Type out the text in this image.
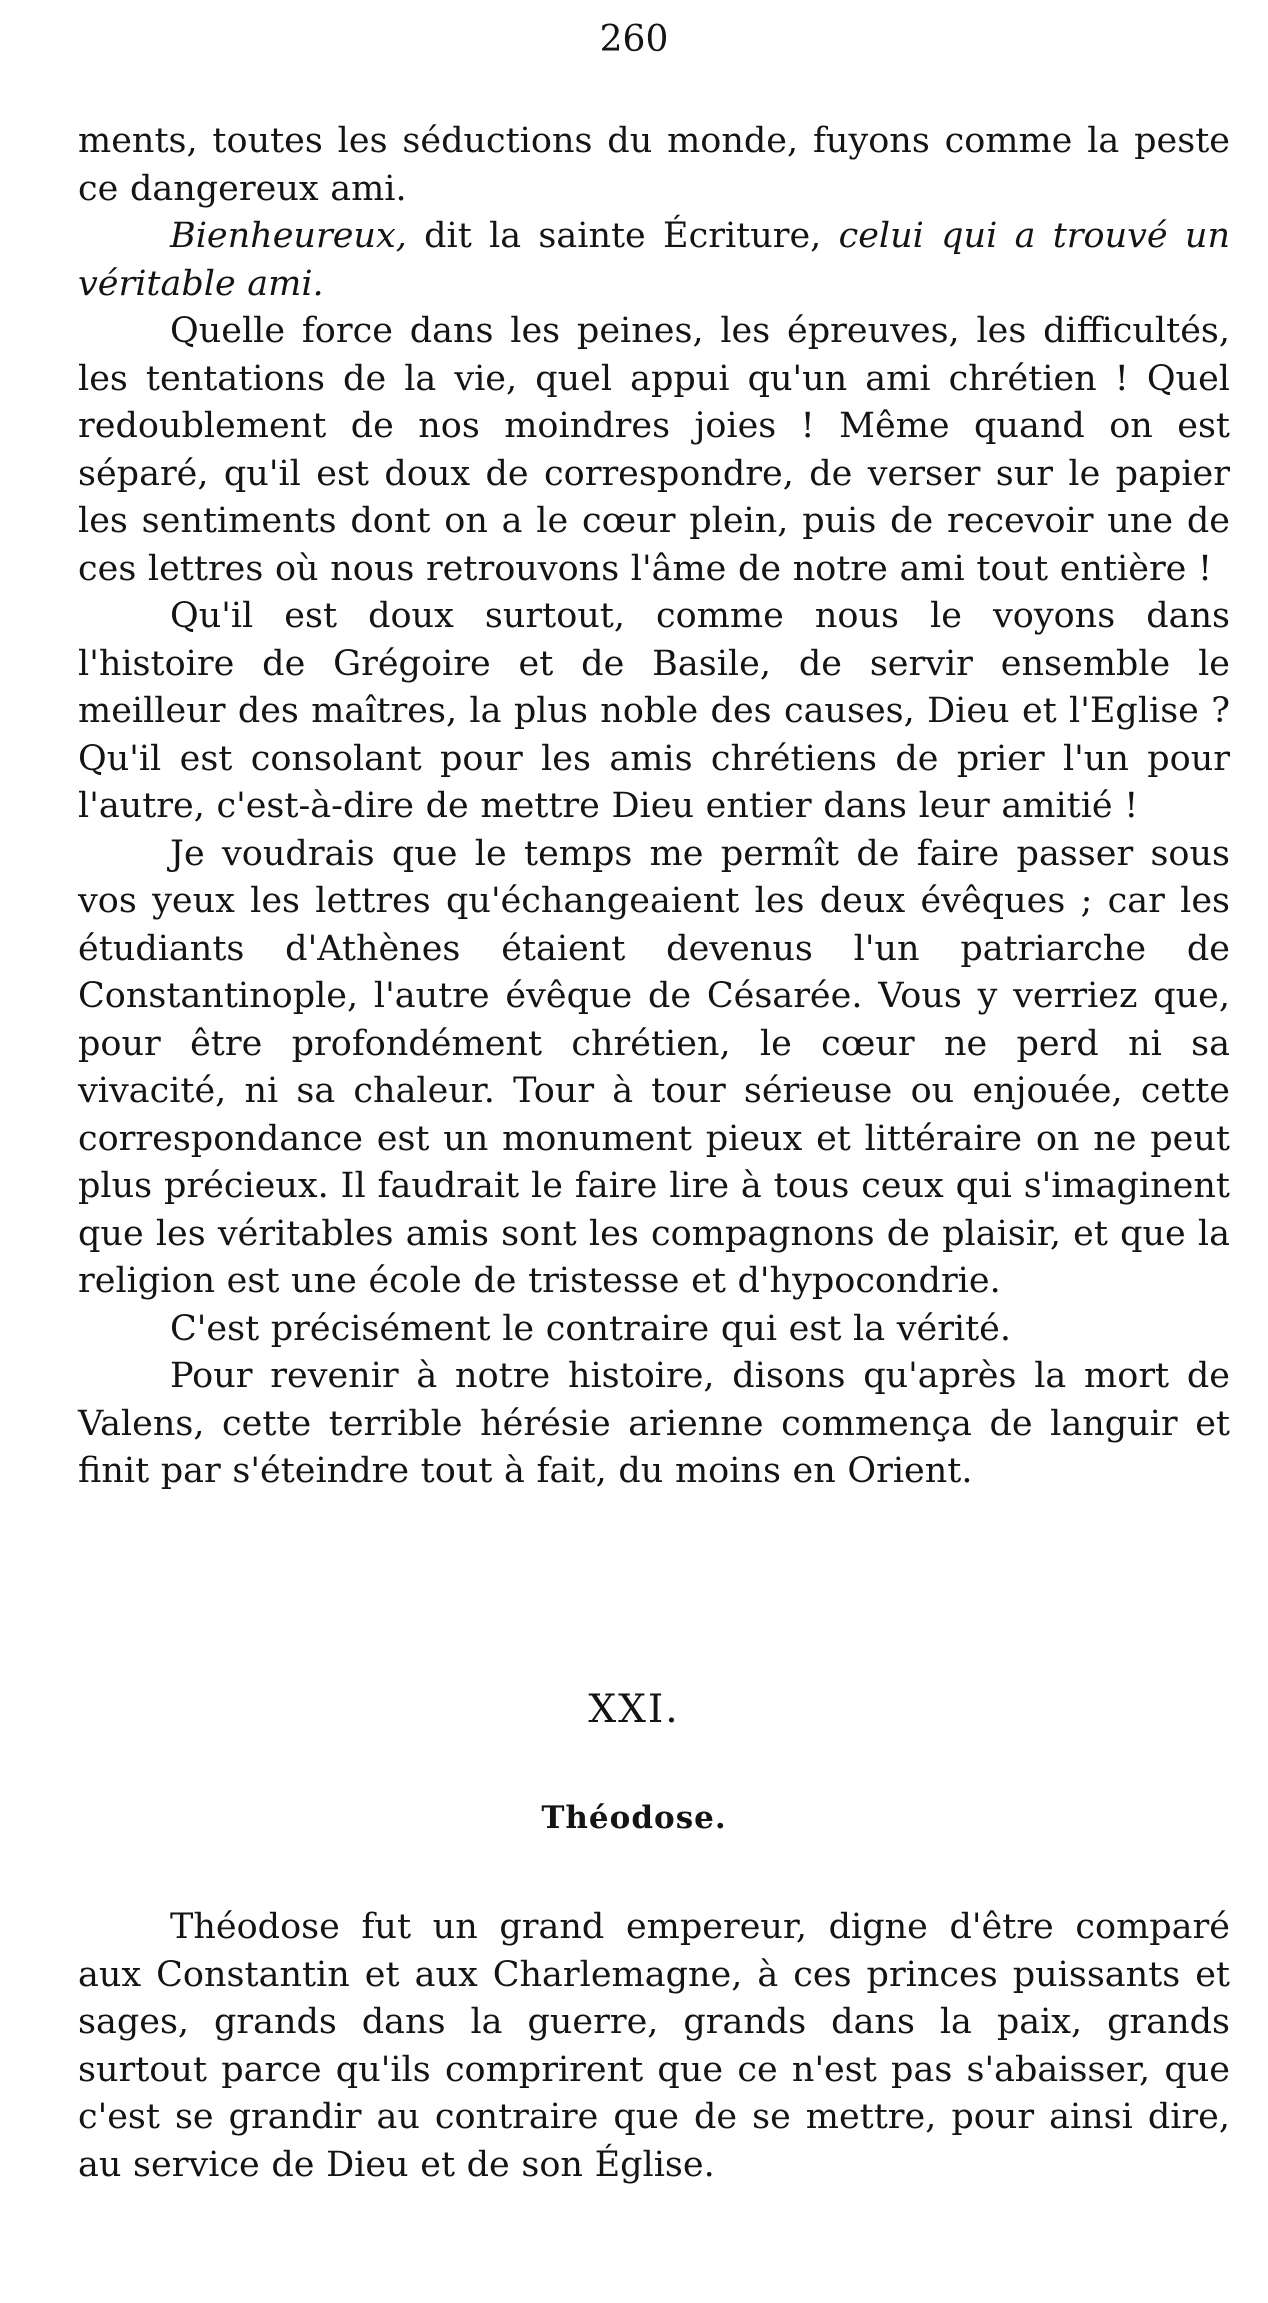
260

ments, toutes les séductions du monde, fuyons comme la peste ce dangereux ami.

Bienheureux, dit la sainte Écriture, celui qui a trouvé un véritable ami.

Quelle force dans les peines, les épreuves, les difficultés, les tentations de la vie, quel appui qu'un ami chrétien ! Quel redoublement de nos moindres joies ! Même quand on est séparé, qu'il est doux de correspondre, de verser sur le papier les sentiments dont on a le cœur plein, puis de recevoir une de ces lettres où nous retrouvons l'âme de notre ami tout entière !

Qu'il est doux surtout, comme nous le voyons dans l'histoire de Grégoire et de Basile, de servir ensemble le meilleur des maîtres, la plus noble des causes, Dieu et l'Eglise ? Qu'il est consolant pour les amis chrétiens de prier l'un pour l'autre, c'est-à-dire de mettre Dieu entier dans leur amitié !

Je voudrais que le temps me permît de faire passer sous vos yeux les lettres qu'échangeaient les deux évêques ; car les étudiants d'Athènes étaient devenus l'un patriarche de Constantinople, l'autre évêque de Césarée. Vous y verriez que, pour être profondément chrétien, le cœur ne perd ni sa vivacité, ni sa chaleur. Tour à tour sérieuse ou enjouée, cette correspondance est un monument pieux et littéraire on ne peut plus précieux. Il faudrait le faire lire à tous ceux qui s'imaginent que les véritables amis sont les compagnons de plaisir, et que la religion est une école de tristesse et d'hypocondrie.

C'est précisément le contraire qui est la vérité.

Pour revenir à notre histoire, disons qu'après la mort de Valens, cette terrible hérésie arienne commença de languir et finit par s'éteindre tout à fait, du moins en Orient.

XXI.
Théodose.

Théodose fut un grand empereur, digne d'être comparé aux Constantin et aux Charlemagne, à ces princes puissants et sages, grands dans la guerre, grands dans la paix, grands surtout parce qu'ils comprirent que ce n'est pas s'abaisser, que c'est se grandir au contraire que de se mettre, pour ainsi dire, au service de Dieu et de son Église.
